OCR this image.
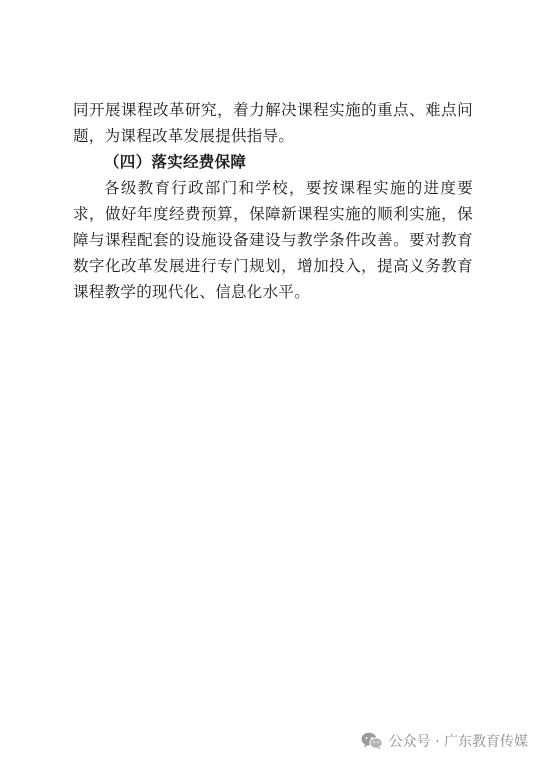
同开展课程改革研究，着力解决课程实施的重点、难点问题，为课程改革发展提供指导。

（四）落实经费保障

各级教育行政部门和学校，要按课程实施的进度要求，做好年度经费预算，保障新课程实施的顺利实施，保障与课程配套的设施设备建设与教学条件改善。要对教育数字化改革发展进行专门规划，增加投入，提高义务教育课程教学的现代化、信息化水平。

公众号 · 广东教育传媒
